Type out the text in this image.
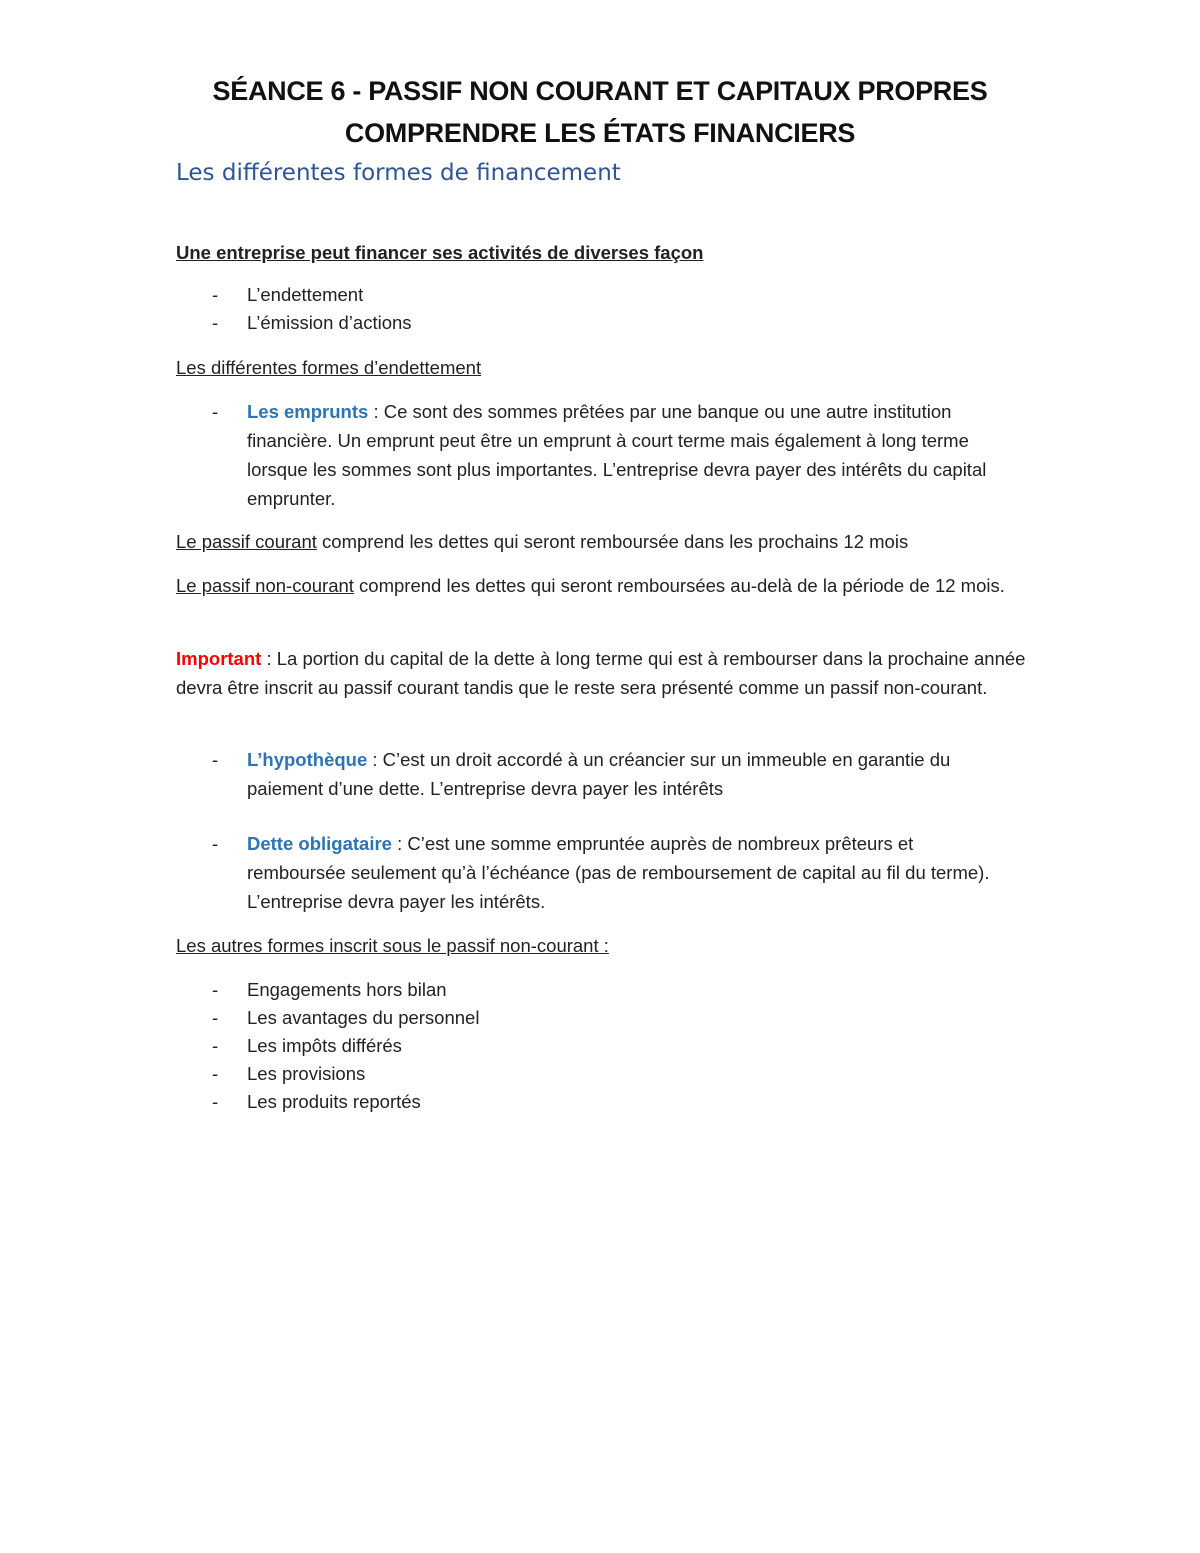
SÉANCE 6 - PASSIF NON COURANT ET CAPITAUX PROPRES
COMPRENDRE LES ÉTATS FINANCIERS
Les différentes formes de financement

Une entreprise peut financer ses activités de diverses façon

- L’endettement

- L’émission d’actions

Les différentes formes d’endettement

- Les emprunts : Ce sont des sommes prêtées par une banque ou une autre institution financière. Un emprunt peut être un emprunt à court terme mais également à long terme lorsque les sommes sont plus importantes. L’entreprise devra payer des intérêts du capital emprunter.

Le passif courant comprend les dettes qui seront remboursée dans les prochains 12 mois

Le passif non-courant comprend les dettes qui seront remboursées au-delà de la période de 12 mois.

Important : La portion du capital de la dette à long terme qui est à rembourser dans la prochaine année devra être inscrit au passif courant tandis que le reste sera présenté comme un passif non-courant.

- L’hypothèque : C’est un droit accordé à un créancier sur un immeuble en garantie du paiement d’une dette. L’entreprise devra payer les intérêts

- Dette obligataire : C’est une somme empruntée auprès de nombreux prêteurs et remboursée seulement qu’à l’échéance (pas de remboursement de capital au fil du terme). L’entreprise devra payer les intérêts.

Les autres formes inscrit sous le passif non-courant :

- Engagements hors bilan

- Les avantages du personnel

- Les impôts différés

- Les provisions

- Les produits reportés
